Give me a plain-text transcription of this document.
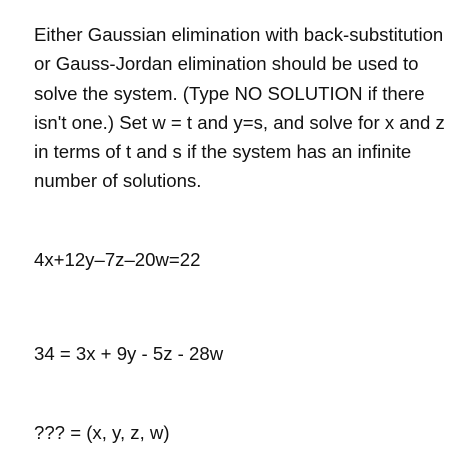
Either Gaussian elimination with back-substitution
or Gauss-Jordan elimination should be used to
solve the system. (Type NO SOLUTION if there
isn't one.) Set w = t and y=s, and solve for x and z
in terms of t and s if the system has an infinite
number of solutions.

4x+12y–7z–20w=22

34 = 3x + 9y - 5z - 28w

??? = (x, y, z, w)
